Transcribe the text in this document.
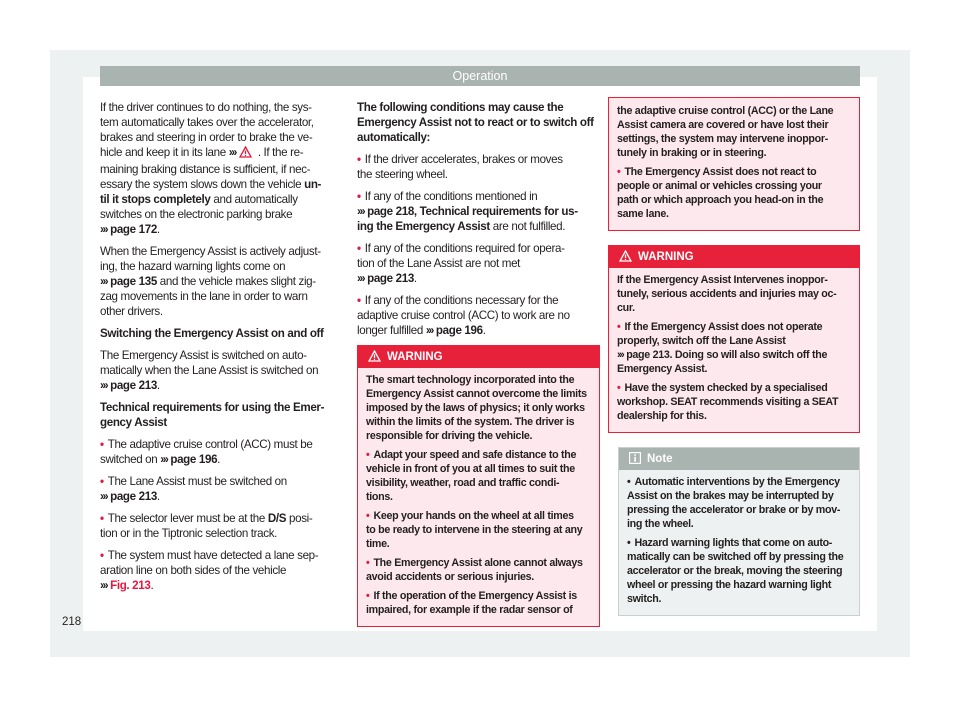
Operation
218
If the driver continues to do nothing, the sys-
tem automatically takes over the accelerator,
brakes and steering in order to brake the ve-
hicle and keep it in its lane ››› . If the re-
maining braking distance is sufficient, if nec-
essary the system slows down the vehicle un-
til it stops completely and automatically
switches on the electronic parking brake
››› page 172.
When the Emergency Assist is actively adjust-
ing, the hazard warning lights come on
››› page 135 and the vehicle makes slight zig-
zag movements in the lane in order to warn
other drivers.
Switching the Emergency Assist on and off
The Emergency Assist is switched on auto-
matically when the Lane Assist is switched on
››› page 213.
Technical requirements for using the Emer-
gency Assist
• The adaptive cruise control (ACC) must be
switched on ››› page 196.
• The Lane Assist must be switched on
››› page 213.
• The selector lever must be at the D/S posi-
tion or in the Tiptronic selection track.
• The system must have detected a lane sep-
aration line on both sides of the vehicle
››› Fig. 213.
The following conditions may cause the
Emergency Assist not to react or to switch off
automatically:
• If the driver accelerates, brakes or moves
the steering wheel.
• If any of the conditions mentioned in
››› page 218, Technical requirements for us-
ing the Emergency Assist are not fulfilled.
• If any of the conditions required for opera-
tion of the Lane Assist are not met
››› page 213.
• If any of the conditions necessary for the
adaptive cruise control (ACC) to work are no
longer fulfilled ››› page 196.
WARNING
The smart technology incorporated into the
Emergency Assist cannot overcome the limits
imposed by the laws of physics; it only works
within the limits of the system. The driver is
responsible for driving the vehicle.
• Adapt your speed and safe distance to the
vehicle in front of you at all times to suit the
visibility, weather, road and traffic condi-
tions.
• Keep your hands on the wheel at all times
to be ready to intervene in the steering at any
time.
• The Emergency Assist alone cannot always
avoid accidents or serious injuries.
• If the operation of the Emergency Assist is
impaired, for example if the radar sensor of
the adaptive cruise control (ACC) or the Lane
Assist camera are covered or have lost their
settings, the system may intervene inoppor-
tunely in braking or in steering.
• The Emergency Assist does not react to
people or animal or vehicles crossing your
path or which approach you head-on in the
same lane.
WARNING
If the Emergency Assist Intervenes inoppor-
tunely, serious accidents and injuries may oc-
cur.
• If the Emergency Assist does not operate
properly, switch off the Lane Assist
››› page 213. Doing so will also switch off the
Emergency Assist.
• Have the system checked by a specialised
workshop. SEAT recommends visiting a SEAT
dealership for this.
Note
• Automatic interventions by the Emergency
Assist on the brakes may be interrupted by
pressing the accelerator or brake or by mov-
ing the wheel.
• Hazard warning lights that come on auto-
matically can be switched off by pressing the
accelerator or the break, moving the steering
wheel or pressing the hazard warning light
switch.
